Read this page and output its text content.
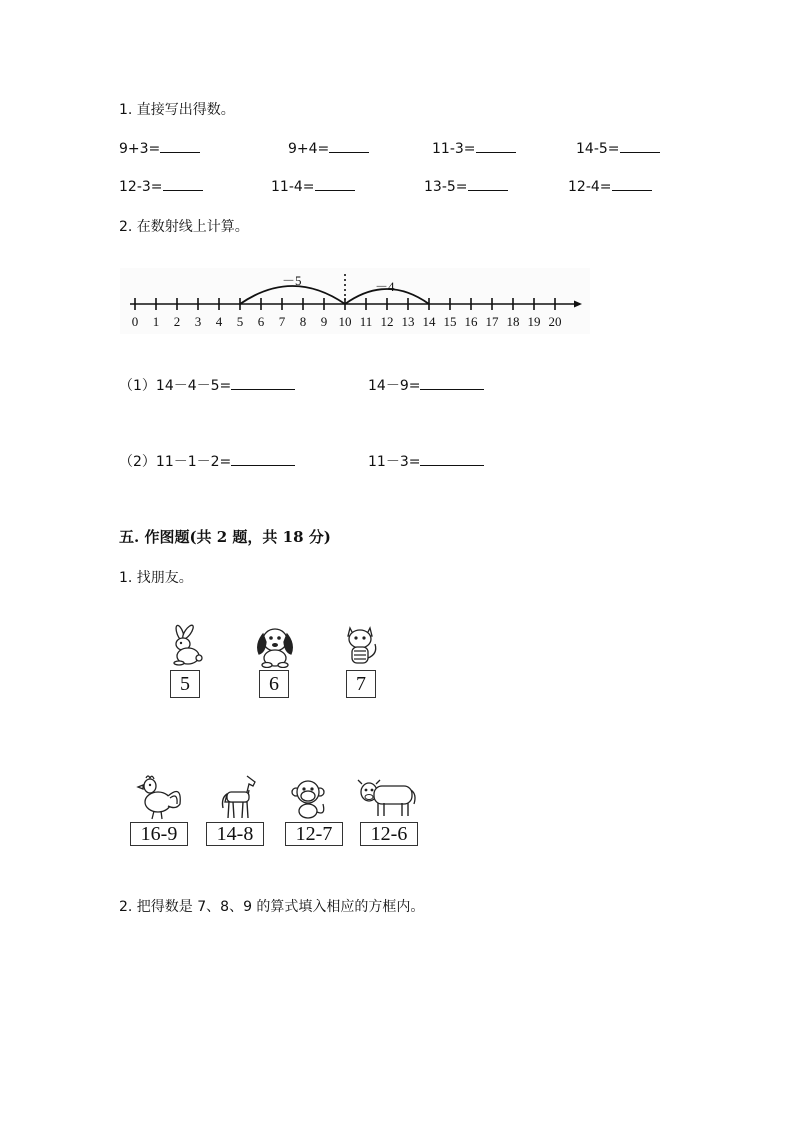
1. 直接写出得数。
9+3=	9+4=	11-3=	14-5=
12-3=	11-4=	13-5=	12-4=
2. 在数射线上计算。
0 1 2 3 4 5 6 7 8 9 10 11 12 13 14 15 16 17 18 19 20
－5	－4
（1）14－4－5=	14－9=
（2）11－1－2=	11－3=
五. 作图题(共 2 题，共 18 分)
1. 找朋友。
5	6	7
16-9	14-8	12-7	12-6
2. 把得数是 7、8、9 的算式填入相应的方框内。
